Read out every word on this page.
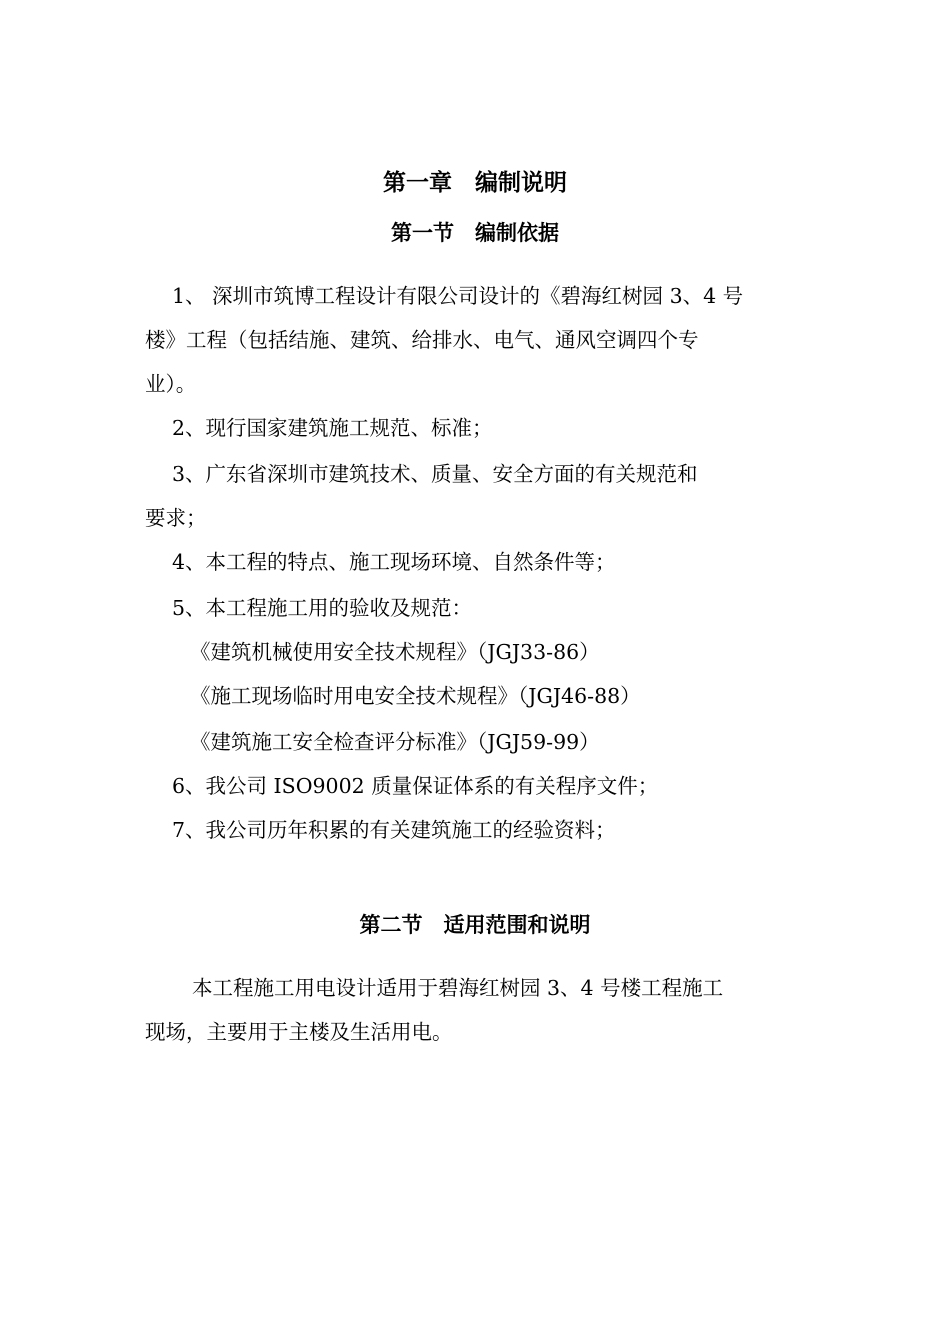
第一章　编制说明
第一节　编制依据
1、 深圳市筑博工程设计有限公司设计的《碧海红树园 3、4 号
楼》工程（包括结施、建筑、给排水、电气、通风空调四个专
业）。
2、现行国家建筑施工规范、标准；
3、广东省深圳市建筑技术、质量、安全方面的有关规范和
要求；
4、本工程的特点、施工现场环境、自然条件等；
5、本工程施工用的验收及规范：
《建筑机械使用安全技术规程》（JGJ33-86）
《施工现场临时用电安全技术规程》（JGJ46-88）
《建筑施工安全检查评分标准》（JGJ59-99）
6、我公司 ISO9002 质量保证体系的有关程序文件；
7、我公司历年积累的有关建筑施工的经验资料；
第二节　适用范围和说明
本工程施工用电设计适用于碧海红树园 3、4 号楼工程施工
现场，主要用于主楼及生活用电。
